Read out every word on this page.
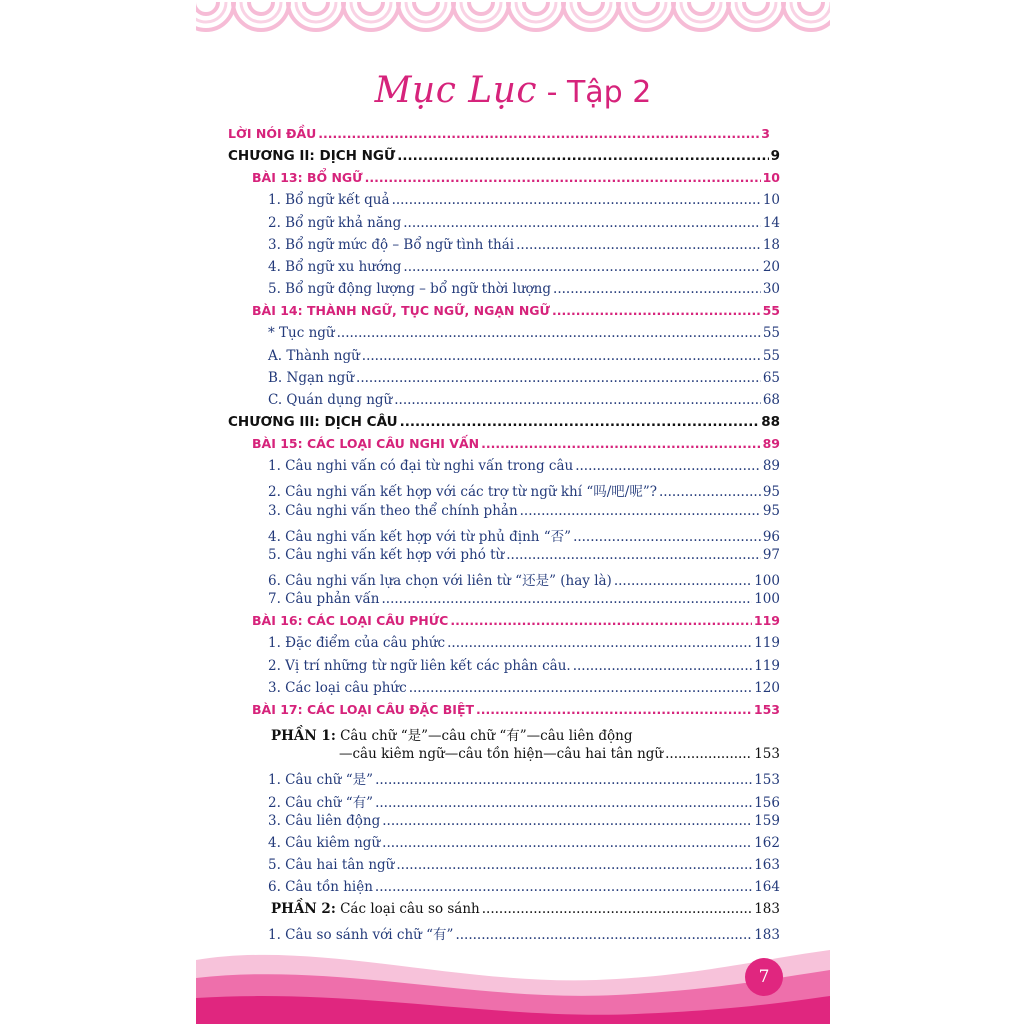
Mục Lục - Tập 2
LỜI NÓI ĐẦU .....	3
CHƯƠNG II: DỊCH NGỮ .....	9
BÀI 13: BỔ NGỮ .....	10
1. Bổ ngữ kết quả .....	10
2. Bổ ngữ khả năng .....	14
3. Bổ ngữ mức độ – Bổ ngữ tình thái .....	18
4. Bổ ngữ xu hướng .....	20
5. Bổ ngữ động lượng – bổ ngữ thời lượng .....	30
BÀI 14: THÀNH NGỮ, TỤC NGỮ, NGẠN NGỮ .....	55
* Tục ngữ .....	55
A. Thành ngữ .....	55
B. Ngạn ngữ .....	65
C. Quán dụng ngữ .....	68
CHƯƠNG III: DỊCH CÂU .....	88
BÀI 15: CÁC LOẠI CÂU NGHI VẤN .....	89
1. Câu nghi vấn có đại từ nghi vấn trong câu .....	89
2. Câu nghi vấn kết hợp với các trợ từ ngữ khí “吗/吧/呢”? .....	95
3. Câu nghi vấn theo thể chính phản .....	95
4. Câu nghi vấn kết hợp với từ phủ định “否” .....	96
5. Câu nghi vấn kết hợp với phó từ .....	97
6. Câu nghi vấn lựa chọn với liên từ “还是” (hay là) .....	100
7. Câu phản vấn .....	100
BÀI 16: CÁC LOẠI CÂU PHỨC .....	119
1. Đặc điểm của câu phức .....	119
2. Vị trí những từ ngữ liên kết các phân câu. .....	119
3. Các loại câu phức .....	120
BÀI 17: CÁC LOẠI CÂU ĐẶC BIỆT .....	153
PHẦN 1: Câu chữ “是”—câu chữ “有”—câu liên động
—câu kiêm ngữ—câu tồn hiện—câu hai tân ngữ .....	153
1. Câu chữ “是” .....	153
2. Câu chữ “有” .....	156
3. Câu liên động .....	159
4. Câu kiêm ngữ .....	162
5. Câu hai tân ngữ .....	163
6. Câu tồn hiện .....	164
PHẦN 2: Các loại câu so sánh .....	183
1. Câu so sánh với chữ “有” .....	183
7
